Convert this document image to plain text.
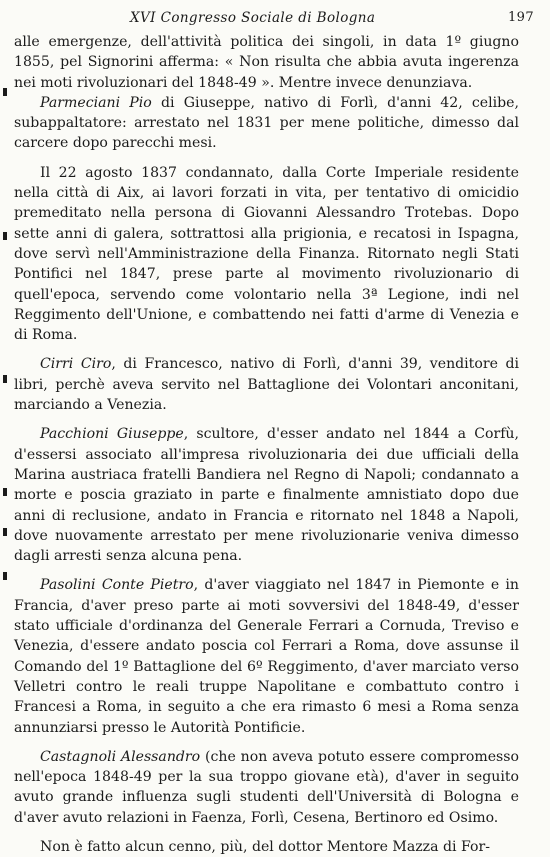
XVI Congresso Sociale di Bologna	197

alle emergenze, dell'attività politica dei singoli, in data 1º giugno 1855, pel Signorini afferma: « Non risulta che abbia avuta ingerenza nei moti rivoluzionari del 1848-49 ». Mentre invece denunziava.

Parmeciani Pio di Giuseppe, nativo di Forlì, d'anni 42, celibe, subappaltatore: arrestato nel 1831 per mene politiche, dimesso dal carcere dopo parecchi mesi.

Il 22 agosto 1837 condannato, dalla Corte Imperiale residente nella città di Aix, ai lavori forzati in vita, per tentativo di omicidio premeditato nella persona di Giovanni Alessandro Trotebas. Dopo sette anni di galera, sottrattosi alla prigionia, e recatosi in Ispagna, dove servì nell'Amministrazione della Finanza. Ritornato negli Stati Pontifici nel 1847, prese parte al movimento rivoluzionario di quell'epoca, servendo come volontario nella 3ª Legione, indi nel Reggimento dell'Unione, e combattendo nei fatti d'arme di Venezia e di Roma.

Cirri Ciro, di Francesco, nativo di Forlì, d'anni 39, venditore di libri, perchè aveva servito nel Battaglione dei Volontari anconitani, marciando a Venezia.

Pacchioni Giuseppe, scultore, d'esser andato nel 1844 a Corfù, d'essersi associato all'impresa rivoluzionaria dei due ufficiali della Marina austriaca fratelli Bandiera nel Regno di Napoli; condannato a morte e poscia graziato in parte e finalmente amnistiato dopo due anni di reclusione, andato in Francia e ritornato nel 1848 a Napoli, dove nuovamente arrestato per mene rivoluzionarie veniva dimesso dagli arresti senza alcuna pena.

Pasolini Conte Pietro, d'aver viaggiato nel 1847 in Piemonte e in Francia, d'aver preso parte ai moti sovversivi del 1848-49, d'esser stato ufficiale d'ordinanza del Generale Ferrari a Cornuda, Treviso e Venezia, d'essere andato poscia col Ferrari a Roma, dove assunse il Comando del 1º Battaglione del 6º Reggimento, d'aver marciato verso Velletri contro le reali truppe Napolitane e combattuto contro i Francesi a Roma, in seguito a che era rimasto 6 mesi a Roma senza annunziarsi presso le Autorità Pontificie.

Castagnoli Alessandro (che non aveva potuto essere compromesso nell'epoca 1848-49 per la sua troppo giovane età), d'aver in seguito avuto grande influenza sugli studenti dell'Università di Bologna e d'aver avuto relazioni in Faenza, Forlì, Cesena, Bertinoro ed Osimo.

Non è fatto alcun cenno, più, del dottor Mentore Mazza di For-
